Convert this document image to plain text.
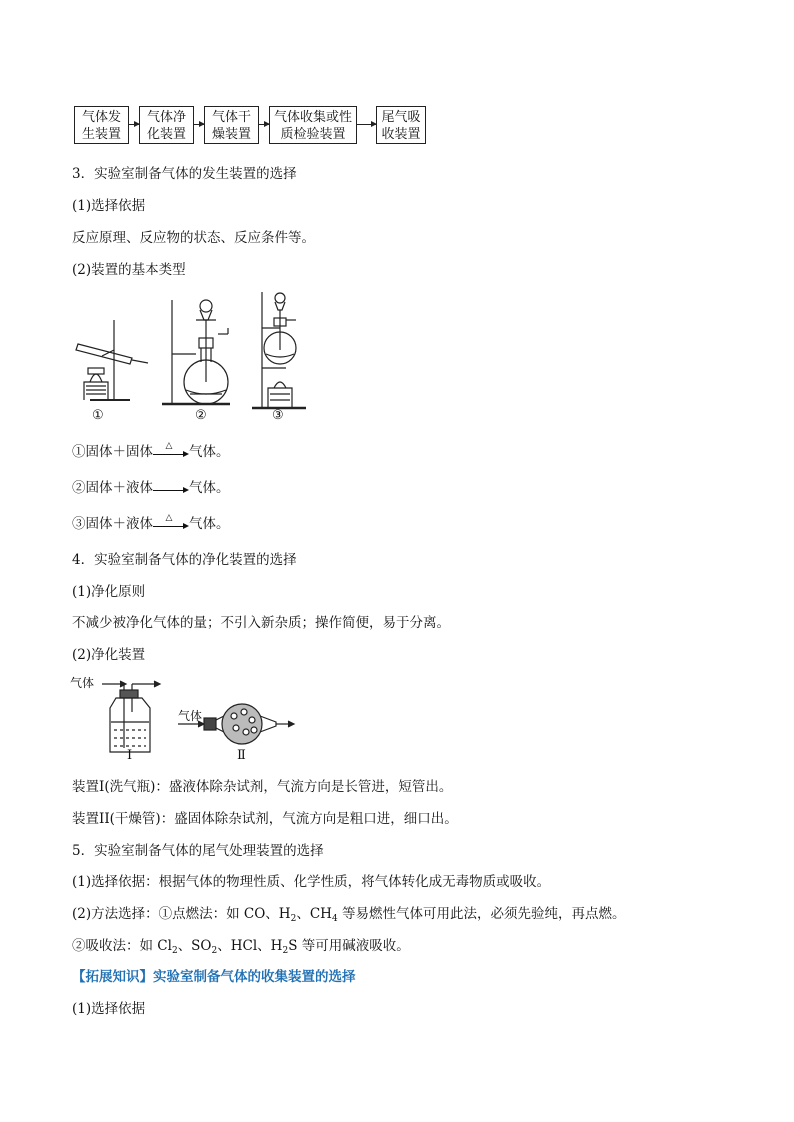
气体发
生装置
气体净
化装置
气体干
燥装置
气体收集或性
质检验装置
尾气吸
收装置
3．实验室制备气体的发生装置的选择
(1)选择依据
反应原理、反应物的状态、反应条件等。
(2)装置的基本类型
①	②	③
①固体＋固体	△	气体。
②固体＋液体	气体。
③固体＋液体	△	气体。
4．实验室制备气体的净化装置的选择
(1)净化原则
不减少被净化气体的量；不引入新杂质；操作简便，易于分离。
(2)净化装置
气体
气体
Ⅰ	Ⅱ
装置I(洗气瓶)：盛液体除杂试剂，气流方向是长管进，短管出。
装置II(干燥管)：盛固体除杂试剂，气流方向是粗口进，细口出。
5．实验室制备气体的尾气处理装置的选择
(1)选择依据：根据气体的物理性质、化学性质，将气体转化成无毒物质或吸收。
(2)方法选择：①点燃法：如 CO、$H_2$、$CH_4$ 等易燃性气体可用此法，必须先验纯，再点燃。
②吸收法：如 $Cl_2$、$SO_2$、HCl、$H_2S$ 等可用碱液吸收。
【拓展知识】实验室制备气体的收集装置的选择
(1)选择依据
